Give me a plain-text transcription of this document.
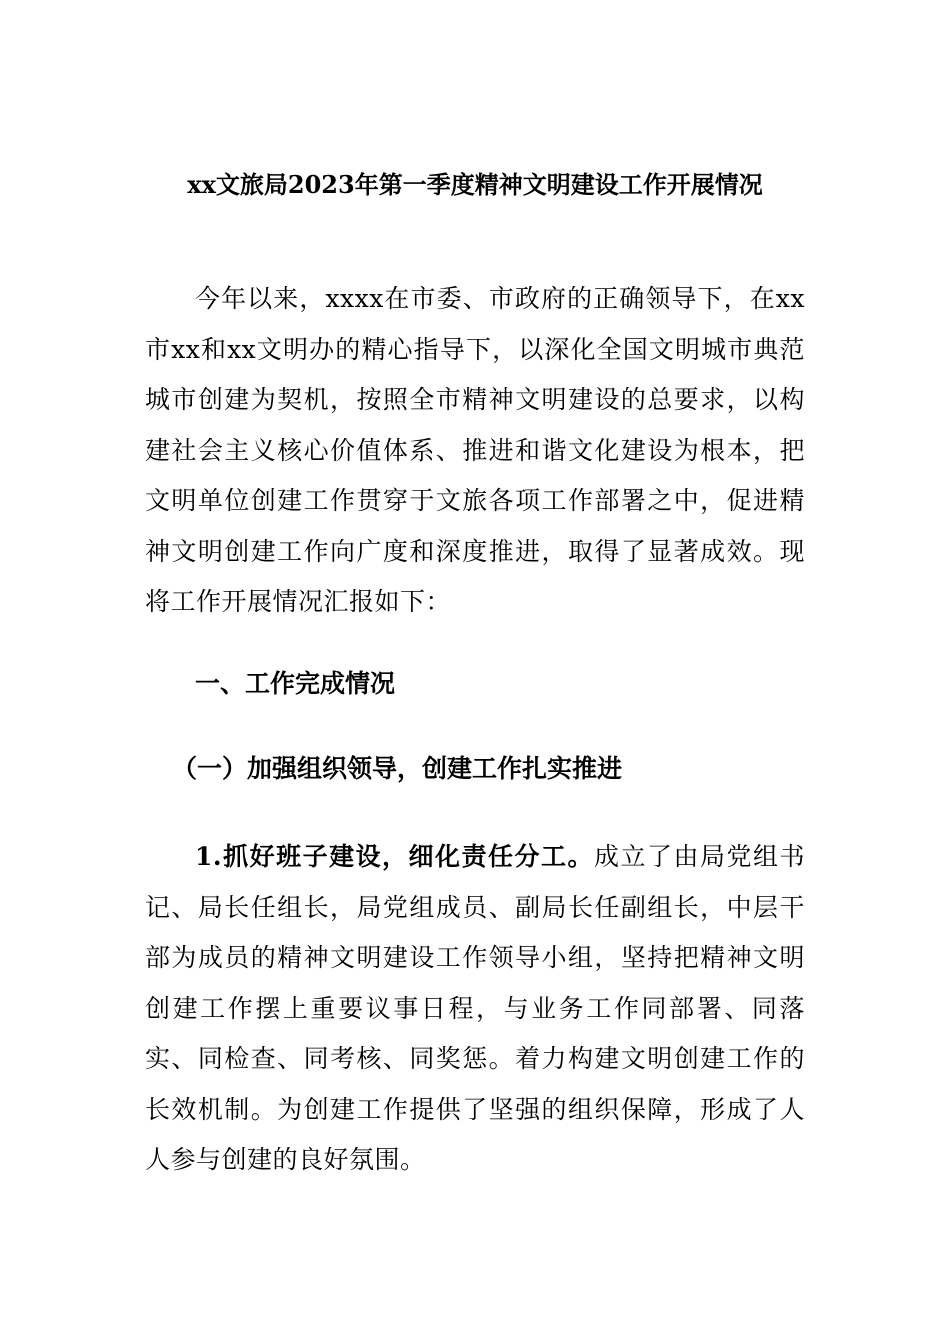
xx文旅局2023年第一季度精神文明建设工作开展情况
今年以来，xxxx在市委、市政府的正确领导下，在xx市xx和xx文明办的精心指导下，以深化全国文明城市典范城市创建为契机，按照全市精神文明建设的总要求，以构建社会主义核心价值体系、推进和谐文化建设为根本，把文明单位创建工作贯穿于文旅各项工作部署之中，促进精神文明创建工作向广度和深度推进，取得了显著成效。现将工作开展情况汇报如下：
一、工作完成情况
（一）加强组织领导，创建工作扎实推进
1.抓好班子建设，细化责任分工。成立了由局党组书记、局长任组长，局党组成员、副局长任副组长，中层干部为成员的精神文明建设工作领导小组，坚持把精神文明创建工作摆上重要议事日程，与业务工作同部署、同落实、同检查、同考核、同奖惩。着力构建文明创建工作的长效机制。为创建工作提供了坚强的组织保障，形成了人人参与创建的良好氛围。
